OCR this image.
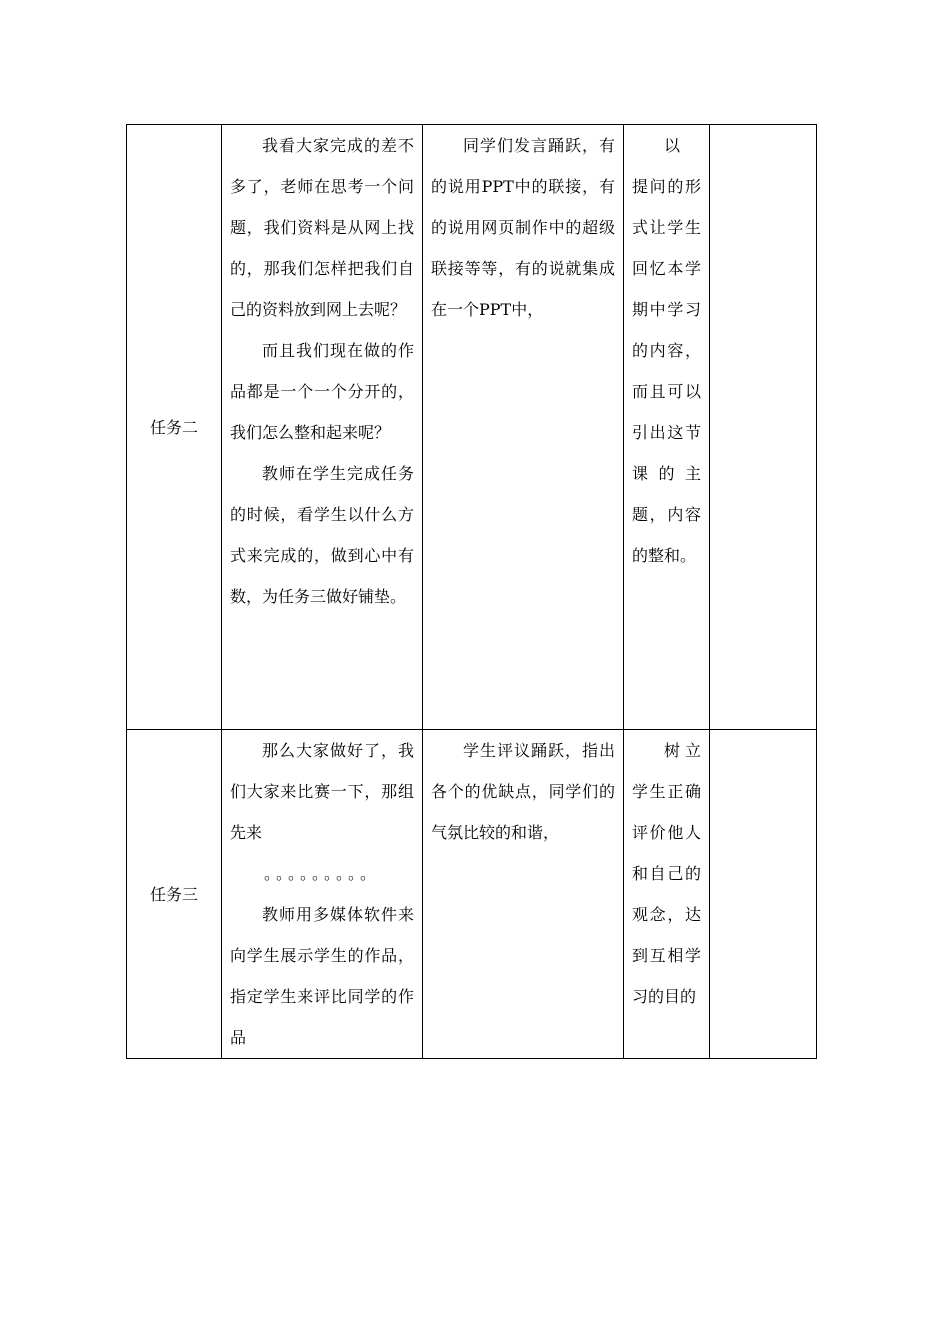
任务二	我看大家完成的差不多了，老师在思考一个问题，我们资料是从网上找的，那我们怎样把我们自己的资料放到网上去呢？

而且我们现在做的作品都是一个一个分开的，我们怎么整和起来呢？

教师在学生完成任务的时候，看学生以什么方式来完成的，做到心中有数，为任务三做好铺垫。	同学们发言踊跃，有的说用PPT中的联接，有的说用网页制作中的超级联接等等，有的说就集成在一个PPT中，	以 提问的形式让学生回忆本学期中学习的内容，而且可以引出这节课的主题，内容的整和。	

任务三	那么大家做好了，我们大家来比赛一下，那组先来

。。。。。。。。。

教师用多媒体软件来向学生展示学生的作品，指定学生来评比同学的作品	学生评议踊跃，指出各个的优缺点，同学们的气氛比较的和谐，	树立学生正确评价他人和自己的观念，达到互相学习的目的	
